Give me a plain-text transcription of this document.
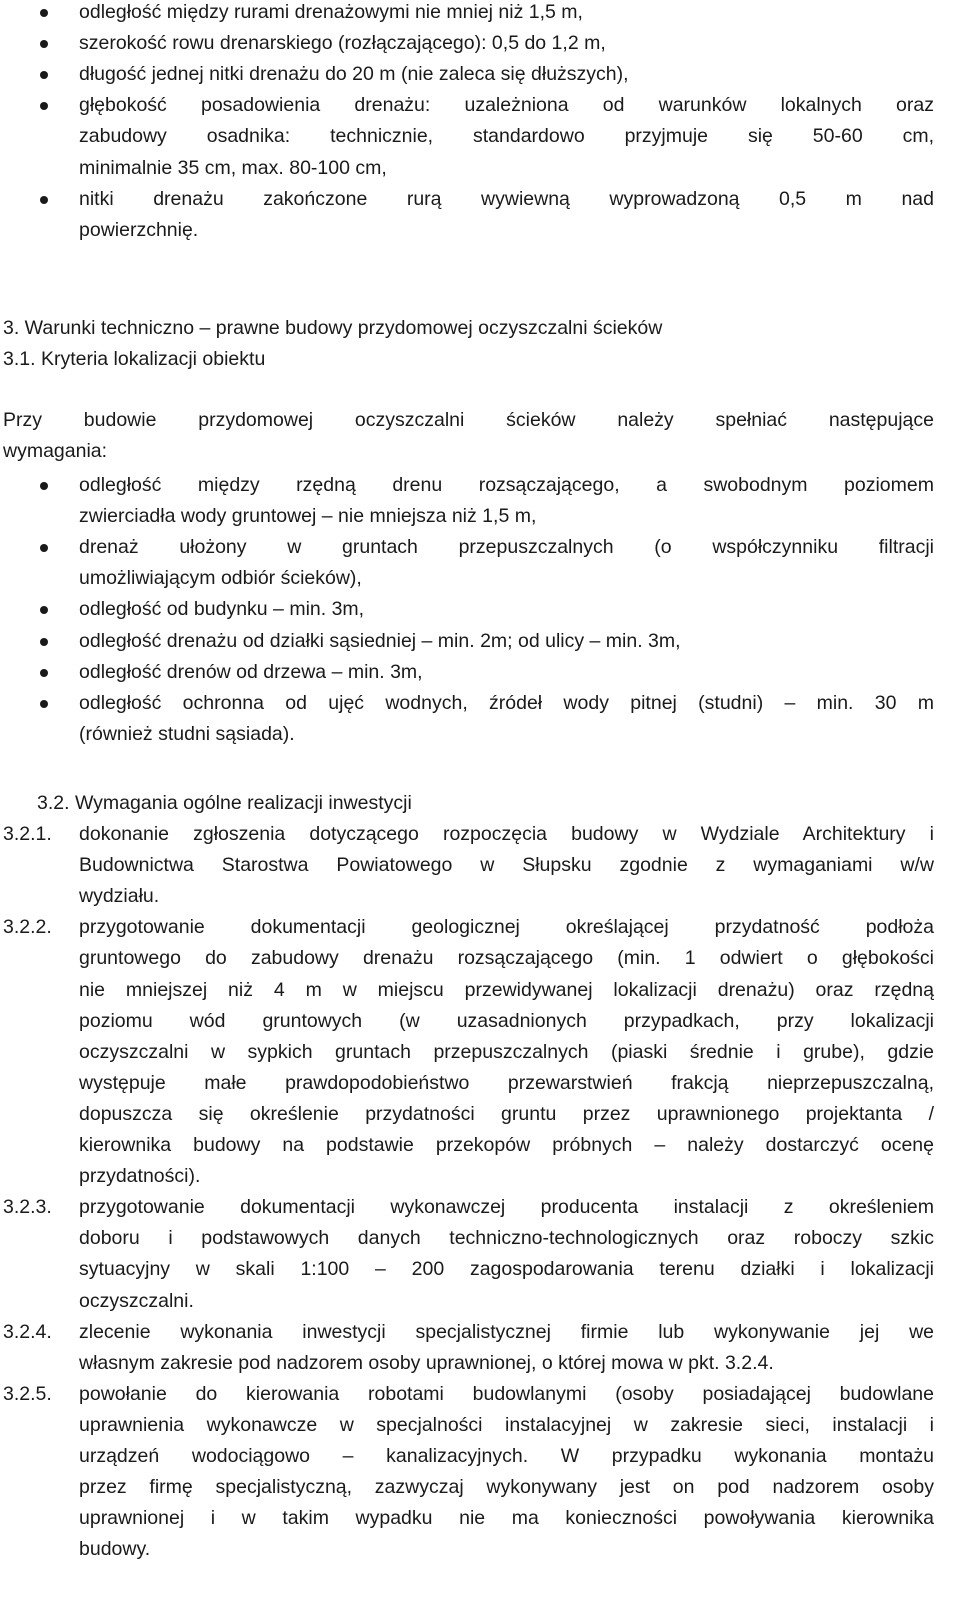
odległość między rurami drenażowymi nie mniej niż 1,5 m,
szerokość rowu drenarskiego (rozłączającego): 0,5 do 1,2 m,
długość jednej nitki drenażu do 20 m (nie zaleca się dłuższych),
głębokość posadowienia drenażu: uzależniona od warunków lokalnych oraz
zabudowy osadnika: technicznie, standardowo przyjmuje się 50-60 cm,
minimalnie 35 cm, max. 80-100 cm,
nitki drenażu zakończone rurą wywiewną wyprowadzoną 0,5 m nad
powierzchnię.
3. Warunki techniczno – prawne budowy przydomowej oczyszczalni ścieków
3.1. Kryteria lokalizacji obiektu
Przy budowie przydomowej oczyszczalni ścieków należy spełniać następujące
wymagania:
odległość między rzędną drenu rozsączającego, a swobodnym poziomem
zwierciadła wody gruntowej – nie mniejsza niż 1,5 m,
drenaż ułożony w gruntach przepuszczalnych (o współczynniku filtracji
umożliwiającym odbiór ścieków),
odległość od budynku – min. 3m,
odległość drenażu od działki sąsiedniej – min. 2m; od ulicy – min. 3m,
odległość drenów od drzewa – min. 3m,
odległość ochronna od ujęć wodnych, źródeł wody pitnej (studni) – min. 30 m
(również studni sąsiada).
3.2. Wymagania ogólne realizacji inwestycji
3.2.1. dokonanie zgłoszenia dotyczącego rozpoczęcia budowy w Wydziale Architektury i
Budownictwa Starostwa Powiatowego w Słupsku zgodnie z wymaganiami w/w
wydziału.
3.2.2. przygotowanie dokumentacji geologicznej określającej przydatność podłoża
gruntowego do zabudowy drenażu rozsączającego (min. 1 odwiert o głębokości
nie mniejszej niż 4 m w miejscu przewidywanej lokalizacji drenażu) oraz rzędną
poziomu wód gruntowych (w uzasadnionych przypadkach, przy lokalizacji
oczyszczalni w sypkich gruntach przepuszczalnych (piaski średnie i grube), gdzie
występuje małe prawdopodobieństwo przewarstwień frakcją nieprzepuszczalną,
dopuszcza się określenie przydatności gruntu przez uprawnionego projektanta /
kierownika budowy na podstawie przekopów próbnych – należy dostarczyć ocenę
przydatności).
3.2.3. przygotowanie dokumentacji wykonawczej producenta instalacji z określeniem
doboru i podstawowych danych techniczno-technologicznych oraz roboczy szkic
sytuacyjny w skali 1:100 – 200 zagospodarowania terenu działki i lokalizacji
oczyszczalni.
3.2.4. zlecenie wykonania inwestycji specjalistycznej firmie lub wykonywanie jej we
własnym zakresie pod nadzorem osoby uprawnionej, o której mowa w pkt. 3.2.4.
3.2.5. powołanie do kierowania robotami budowlanymi (osoby posiadającej budowlane
uprawnienia wykonawcze w specjalności instalacyjnej w zakresie sieci, instalacji i
urządzeń wodociągowo – kanalizacyjnych. W przypadku wykonania montażu
przez firmę specjalistyczną, zazwyczaj wykonywany jest on pod nadzorem osoby
uprawnionej i w takim wypadku nie ma konieczności powoływania kierownika
budowy.
